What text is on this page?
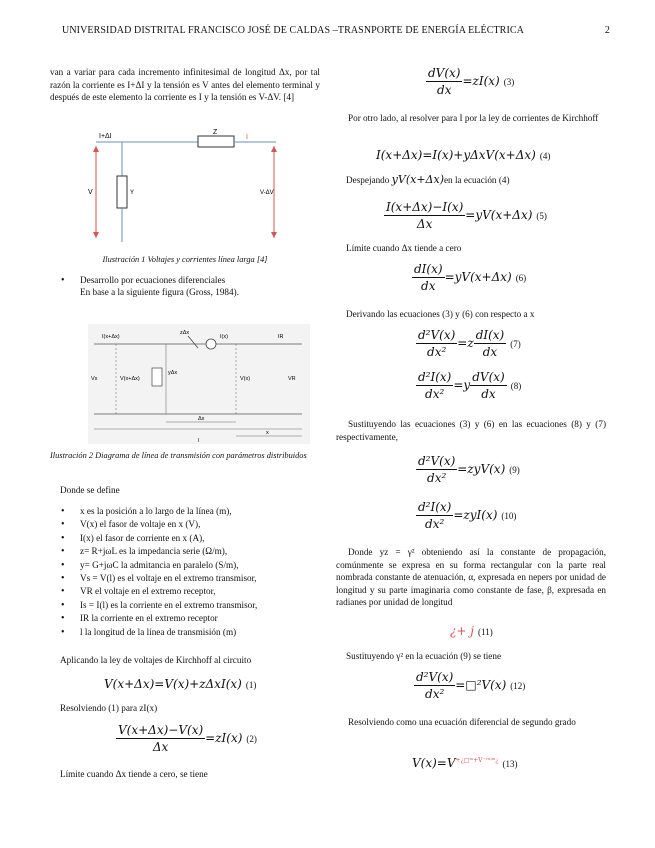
UNIVERSIDAD DISTRITAL FRANCISCO JOSÉ DE CALDAS –TRASNPORTE DE ENERGÍA ELÉCTRICA	2

van a variar para cada incremento infinitesimal de longitud Δx, por tal razón la corriente es I+ΔI y la tensión es V antes del elemento terminal y después de este elemento la corriente es I y la tensión es V-ΔV. [4]

I+ΔI
Z
I
V	Y	V-ΔV
Ilustración 1 Voltajes y corrientes línea larga [4]
• Desarrollo por ecuaciones diferenciales
En base a la siguiente figura (Gross, 1984).
I(x+Δx)
zΔx
I(x)	IR
Vs	V(x+Δx)
yΔx
V(x)	VR
Δx
x
l
Ilustración 2 Diagrama de línea de transmisión con parámetros distribuidos
Donde se define
• x es la posición a lo largo de la línea (m),
• V(x) el fasor de voltaje en x (V),
• I(x) el fasor de corriente en x (A),
• z= R+jωL es la impedancia serie (Ω/m),
• y= G+jωC la admitancia en paralelo (S/m),
• Vs = V(l) es el voltaje en el extremo transmisor,
• VR el voltaje en el extremo receptor,
• Is = I(l) es la corriente en el extremo transmisor,
• IR la corriente en el extremo receptor
• l la longitud de la línea de transmisión (m)
Aplicando la ley de voltajes de Kirchhoff al circuito
V(x+Δx)=V(x)+zΔxI(x) (1)
Resolviendo (1) para zI(x)
$\frac{V(x+\Delta x)-V(x)}{\Delta x} =zI(x)$ (2)
Límite cuando Δx tiende a cero, se tiene
$\frac{dV(x)}{dx} =zI(x)$ (3)
Por otro lado, al resolver para I por la ley de corrientes de Kirchhoff
I(x+Δx)=I(x)+yΔxV(x+Δx) (4)
Despejando yV(x+Δx)en la ecuación (4)
$\frac{I(x+\Delta x)-I(x)}{\Delta x} =yV(x+\Delta x)$ (5)
Límite cuando Δx tiende a cero
$\frac{dI(x)}{dx} =yV(x+\Delta x)$ (6)
Derivando las ecuaciones (3) y (6) con respecto a x
$\frac{\text{d²V(x)}}{\text{dx²}} =z \frac{dI(x)}{dx} (7)$
$\frac{\text{d²I(x)}}{\text{dx²}} =y \frac{dV(x)}{dx} (8)$
Sustituyendo las ecuaciones (3) y (6) en las ecuaciones (8) y (7) respectivamente,
$\frac{\text{d²V(x)}}{\text{dx²}} =zyV(x)$ (9)
$\frac{\text{d²I(x)}}{\text{dx²}} =zyI(x)$ (10)
Donde yz = γ² obteniendo así la constante de propagación, comúnmente se expresa en su forma rectangular con la parte real nombrada constante de atenuación, α, expresada en nepers por unidad de longitud y su parte imaginaria como constante de fase, β, expresada en radianes por unidad de longitud
¿+ j (11)
Sustituyendo γ² en la ecuación (9) se tiene
$\frac{\text{d²V(x)}}{\text{dx²}}$ =□²V(x) (12)
Resolviendo como una ecuación diferencial de segundo grado
$V(x)=V^{+¿□ᵐ+V^-ᶜᵘ^)ᵐ¿}$ (13)
